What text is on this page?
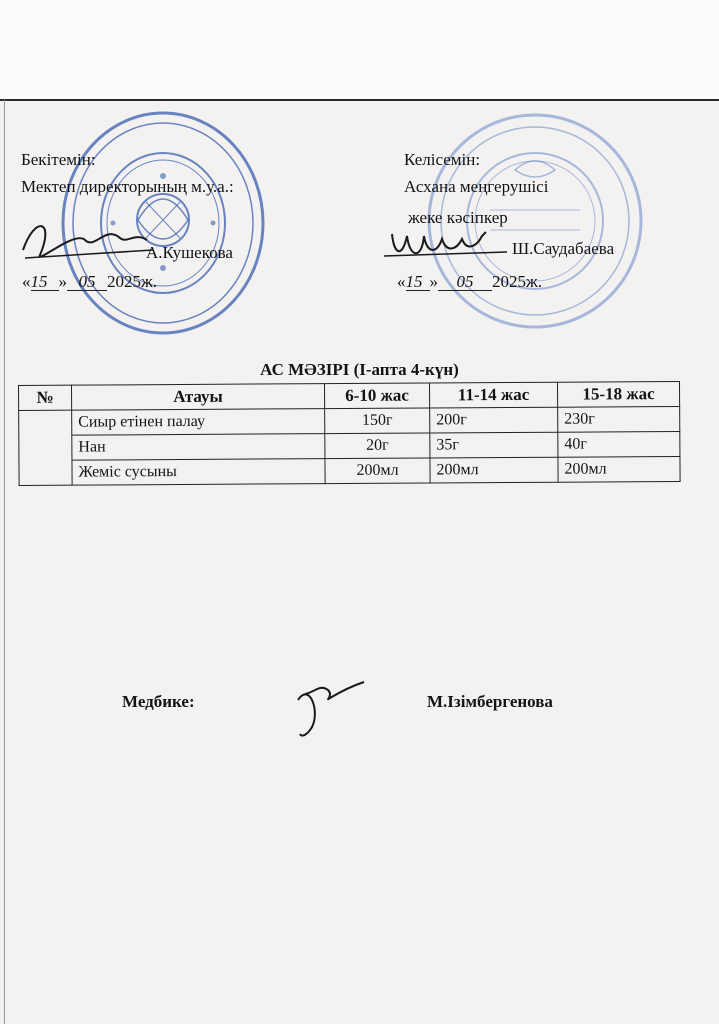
Бекітемін:
Мектеп директорының м.у.а.:
А.Кушекова
«15 » 05 2025ж.
Келісемін:
Асхана меңгерушісі
жеке кәсіпкер
Ш.Саудабаева
«15 » 05 2025ж.
АС МӘЗІРІ (І-апта 4-күн)
№	Атауы	6-10 жас	11-14 жас	15-18 жас
	Сиыр етінен палау	150г	200г	230г
	Нан	20г	35г	40г
	Жеміс сусыны	200мл	200мл	200мл
Медбике:	М.Ізімбергенова
